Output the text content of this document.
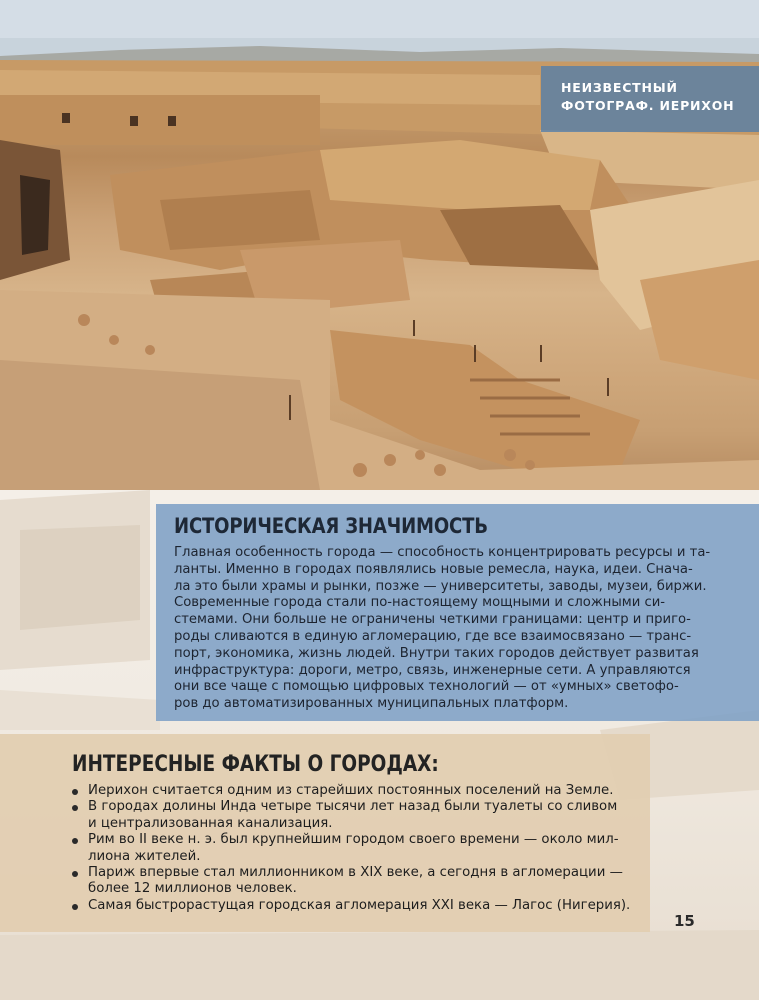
НЕИЗВЕСТНЫЙ
ФОТОГРАФ. ИЕРИХОН
ИСТОРИЧЕСКАЯ ЗНАЧИМОСТЬ
Главная особенность города — способность концентрировать ресурсы и та-
ланты. Именно в городах появлялись новые ремесла, наука, идеи. Снача-
ла это были храмы и рынки, позже — университеты, заводы, музеи, биржи.
Современные города стали по-настоящему мощными и сложными си-
стемами. Они больше не ограничены четкими границами: центр и приго-
роды сливаются в единую агломерацию, где все взаимосвязано — транс-
порт, экономика, жизнь людей. Внутри таких городов действует развитая
инфраструктура: дороги, метро, связь, инженерные сети. А управляются
они все чаще с помощью цифровых технологий — от «умных» светофо-
ров до автоматизированных муниципальных платформ.
ИНТЕРЕСНЫЕ ФАКТЫ О ГОРОДАХ:
Иерихон считается одним из старейших постоянных поселений на Земле.
В городах долины Инда четыре тысячи лет назад были туалеты со сливом
и централизованная канализация.
Рим во II веке н. э. был крупнейшим городом своего времени — около мил-
лиона жителей.
Париж впервые стал миллионником в XIX веке, а сегодня в агломерации —
более 12 миллионов человек.
Самая быстрорастущая городская агломерация XXI века — Лагос (Нигерия).
15
